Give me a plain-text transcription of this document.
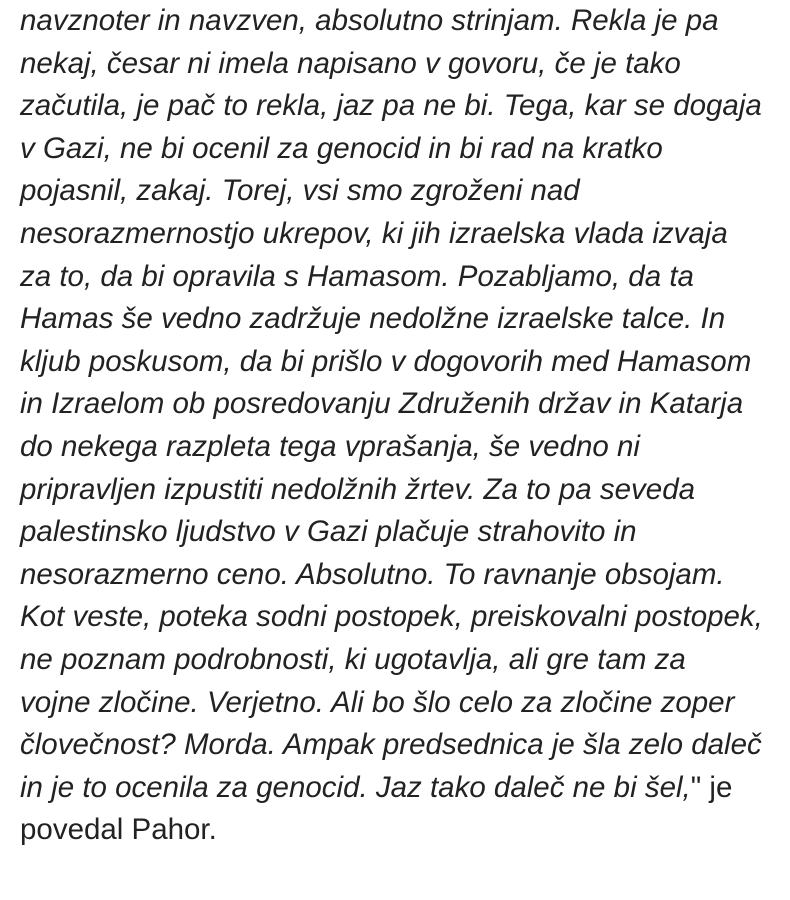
navznoter in navzven, absolutno strinjam. Rekla je pa
nekaj, česar ni imela napisano v govoru, če je tako
začutila, je pač to rekla, jaz pa ne bi. Tega, kar se dogaja
v Gazi, ne bi ocenil za genocid in bi rad na kratko
pojasnil, zakaj. Torej, vsi smo zgroženi nad
nesorazmernostjo ukrepov, ki jih izraelska vlada izvaja
za to, da bi opravila s Hamasom. Pozabljamo, da ta
Hamas še vedno zadržuje nedolžne izraelske talce. In
kljub poskusom, da bi prišlo v dogovorih med Hamasom
in Izraelom ob posredovanju Združenih držav in Katarja
do nekega razpleta tega vprašanja, še vedno ni
pripravljen izpustiti nedolžnih žrtev. Za to pa seveda
palestinsko ljudstvo v Gazi plačuje strahovito in
nesorazmerno ceno. Absolutno. To ravnanje obsojam.
Kot veste, poteka sodni postopek, preiskovalni postopek,
ne poznam podrobnosti, ki ugotavlja, ali gre tam za
vojne zločine. Verjetno. Ali bo šlo celo za zločine zoper
človečnost? Morda. Ampak predsednica je šla zelo daleč
in je to ocenila za genocid. Jaz tako daleč ne bi šel," je
povedal Pahor.
